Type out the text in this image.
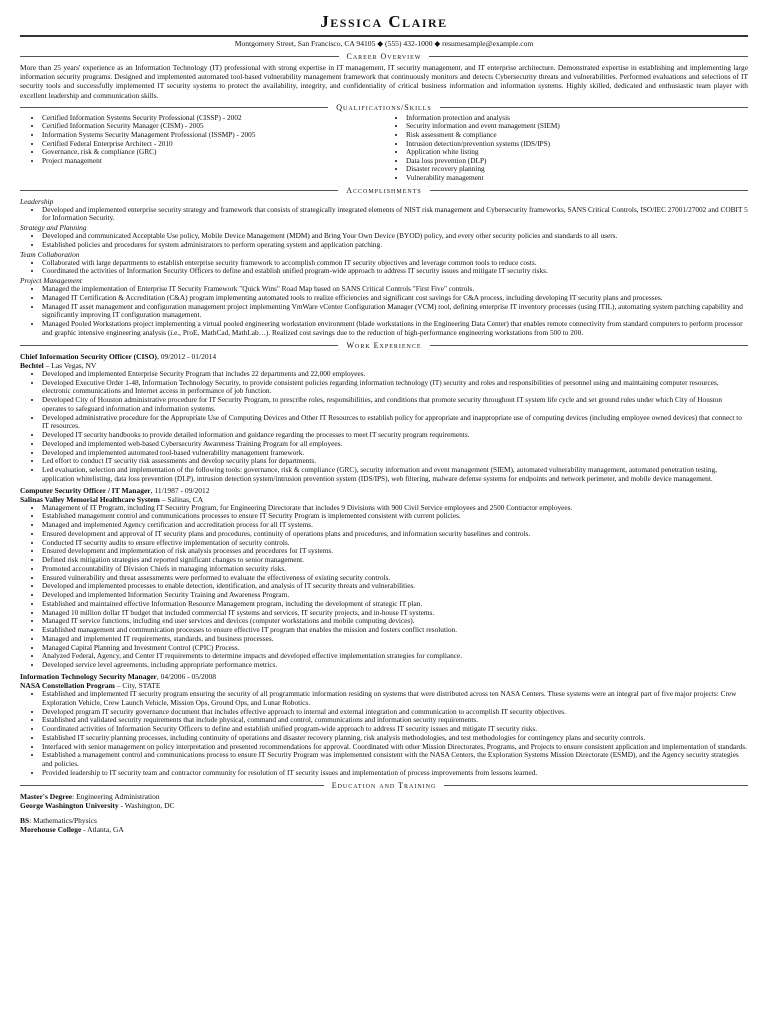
Jessica Claire
Montgomery Street, San Francisco, CA 94105 ◆ (555) 432-1000 ◆ resumesample@example.com
Career Overview
More than 25 years' experience as an Information Technology (IT) professional with strong expertise in IT management, IT security management, and IT enterprise architecture. Demonstrated expertise in establishing and implementing large information security programs. Designed and implemented automated tool-based vulnerability management framework that continuously monitors and detects Cybersecurity threats and vulnerabilities. Performed evaluations and selections of IT security tools and successfully implemented IT security systems to protect the availability, integrity, and confidentiality of critical business information and information systems. Highly skilled, dedicated and enthusiastic team player with excellent leadership and communication skills.
Qualifications/Skills
• Certified Information Systems Security Professional (CISSP) - 2002
• Certified Information Security Manager (CISM) - 2005
• Information Systems Security Management Professional (ISSMP) - 2005
• Certified Federal Enterprise Architect - 2010
• Governance, risk & compliance (GRC)
• Project management
• Information protection and analysis
• Security information and event management (SIEM)
• Risk assessment & compliance
• Intrusion detection/prevention systems (IDS/IPS)
• Application white listing
• Data loss prevention (DLP)
• Disaster recovery planning
• Vulnerability management
Accomplishments
Leadership
• Developed and implemented enterprise security strategy and framework that consists of strategically integrated elements of NIST risk management and Cybersecurity frameworks, SANS Critical Controls, ISO/IEC 27001/27002 and COBIT 5 for Information Security.
Strategy and Planning
• Developed and communicated Acceptable Use policy, Mobile Device Management (MDM) and Bring Your Own Device (BYOD) policy, and every other security policies and standards to all users.
• Established policies and procedures for system administrators to perform operating system and application patching.
Team Collaboration
• Collaborated with large departments to establish enterprise security framework to accomplish common IT security objectives and leverage common tools to reduce costs.
• Coordinated the activities of Information Security Officers to define and establish unified program-wide approach to address IT security issues and mitigate IT security risks.
Project Management
• Managed the implementation of Enterprise IT Security Framework "Quick Wins" Road Map based on SANS Critical Controls "First Five" controls.
• Managed IT Certification & Accreditation (C&A) program implementing automated tools to realize efficiencies and significant cost savings for C&A process, including developing IT security plans and processes.
• Managed IT asset management and configuration management project implementing VmWare vCenter Configuration Manager (VCM) tool, defining enterprise IT inventory processes (using ITIL), automating system patching capability and significantly improving IT configuration management.
• Managed Pooled Workstations project implementing a virtual pooled engineering workstation environment (blade workstations in the Engineering Data Center) that enables remote connectivity from standard computers to perform processor and graphic intensive engineering analysis (i.e., ProE, MathCad, MathLab…). Realized cost savings due to the reduction of high-performance engineering workstations from 500 to 200.
Work Experience
Chief Information Security Officer (CISO), 09/2012 - 01/2014
Bechtel – Las Vegas, NV
• Developed and implemented Enterprise Security Program that includes 22 departments and 22,000 employees.
• Developed Executive Order 1-48, Information Technology Security, to provide consistent policies regarding information technology (IT) security and roles and responsibilities of personnel using and maintaining computer resources, electronic communications and Internet access in performance of job function.
• Developed City of Houston administrative procedure for IT Security Program, to prescribe roles, responsibilities, and conditions that promote security throughout IT system life cycle and set ground rules under which City of Houston operates to safeguard information and information systems.
• Developed administrative procedure for the Appropriate Use of Computing Devices and Other IT Resources to establish policy for appropriate and inappropriate use of computing devices (including employee owned devices) that connect to IT resources.
• Developed IT security handbooks to provide detailed information and guidance regarding the processes to meet IT security program requirements.
• Developed and implemented web-based Cybersecurity Awareness Training Program for all employees.
• Developed and implemented automated tool-based vulnerability management framework.
• Led effort to conduct IT security risk assessments and develop security plans for departments.
• Led evaluation, selection and implementation of the following tools: governance, risk & compliance (GRC), security information and event management (SIEM), automated vulnerability management, automated penetration testing, application whitelisting, data loss prevention (DLP), intrusion detection system/intrusion prevention system (IDS/IPS), web filtering, malware defense systems for endpoints and network perimeter, and mobile device management.
Computer Security Officer / IT Manager, 11/1987 - 09/2012
Salinas Valley Memorial Healthcare System – Salinas, CA
• Management of IT Program, including IT Security Program, for Engineering Directorate that includes 9 Divisions with 900 Civil Service employees and 2500 Contractor employees.
• Established management control and communications processes to ensure IT Security Program is implemented consistent with current policies.
• Managed and implemented Agency certification and accreditation process for all IT systems.
• Ensured development and approval of IT security plans and procedures, continuity of operations plans and procedures, and information security baselines and controls.
• Conducted IT security audits to ensure effective implementation of security controls.
• Ensured development and implementation of risk analysis processes and procedures for IT systems.
• Defined risk mitigation strategies and reported significant changes to senior management.
• Promoted accountability of Division Chiefs in managing information security risks.
• Ensured vulnerability and threat assessments were performed to evaluate the effectiveness of existing security controls.
• Developed and implemented processes to enable detection, identification, and analysis of IT security threats and vulnerabilities.
• Developed and implemented Information Security Training and Awareness Program.
• Established and maintained effective Information Resource Management program, including the development of strategic IT plan.
• Managed 10 million dollar IT budget that included commercial IT systems and services, IT security projects, and in-house IT systems.
• Managed IT service functions, including end user services and devices (computer workstations and mobile computing devices).
• Established management and communication processes to ensure effective IT program that enables the mission and fosters conflict resolution.
• Managed and implemented IT requirements, standards, and business processes.
• Managed Capital Planning and Investment Control (CPIC) Process.
• Analyzed Federal, Agency, and Center IT requirements to determine impacts and developed effective implementation strategies for compliance.
• Developed service level agreements, including appropriate performance metrics.
Information Technology Security Manager, 04/2006 - 05/2008
NASA Constellation Program – City, STATE
• Established and implemented IT security program ensuring the security of all programmatic information residing on systems that were distributed across ten NASA Centers. These systems were an integral part of five major projects: Crew Exploration Vehicle, Crew Launch Vehicle, Mission Ops, Ground Ops, and Lunar Robotics.
• Developed program IT security governance document that includes effective approach to internal and external integration and communication to accomplish IT security objectives.
• Established and validated security requirements that include physical, command and control, communications and information security requirements.
• Coordinated activities of Information Security Officers to define and establish unified program-wide approach to address IT security issues and mitigate IT security risks.
• Established IT security planning processes, including continuity of operations and disaster recovery planning, risk analysis methodologies, and test methodologies for contingency plans and security controls.
• Interfaced with senior management on policy interpretation and presented recommendations for approval. Coordinated with other Mission Directorates, Programs, and Projects to ensure consistent application and implementation of standards.
• Established a management control and communications process to ensure IT Security Program was implemented consistent with the NASA Centers, the Exploration Systems Mission Directorate (ESMD), and the Agency security strategies and policies.
• Provided leadership to IT security team and contractor community for resolution of IT security issues and implementation of process improvements from lessons learned.
Education and Training
Master's Degree: Engineering Administration
George Washington University - Washington, DC
BS: Mathematics/Physics
Morehouse College - Atlanta, GA
